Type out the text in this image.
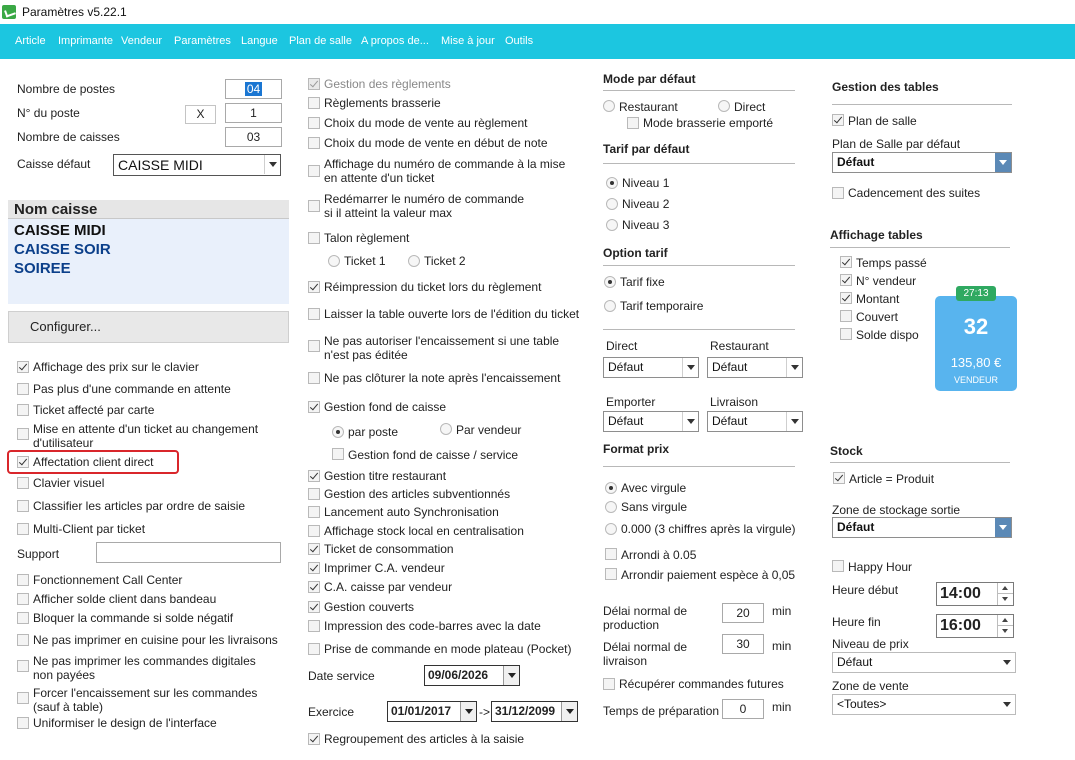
Paramètres v5.22.1
Article Imprimante Vendeur Paramètres Langue Plan de salle A propos de... Mise à jour Outils
Nombre de postes	04
N° du poste	X	1
Nombre de caisses	03
Caisse défaut	CAISSE MIDI
Nom caisse
CAISSE MIDI
CAISSE SOIR
SOIREE
Configurer...
Affichage des prix sur le clavier
Pas plus d'une commande en attente
Ticket affecté par carte
Mise en attente d'un ticket au changement d'utilisateur
Affectation client direct
Clavier visuel
Classifier les articles par ordre de saisie
Multi-Client par ticket
Support
Fonctionnement Call Center
Afficher solde client dans bandeau
Bloquer la commande si solde négatif
Ne pas imprimer en cuisine pour les livraisons
Ne pas imprimer les commandes digitales non payées
Forcer l'encaissement sur les commandes (sauf à table)
Uniformiser le design de l'interface
Gestion des règlements
Règlements brasserie
Choix du mode de vente au règlement
Choix du mode de vente en début de note
Affichage du numéro de commande à la mise en attente d'un ticket
Redémarrer le numéro de commande si il atteint la valeur max
Talon règlement
Ticket 1	Ticket 2
Réimpression du ticket lors du règlement
Laisser la table ouverte lors de l'édition du ticket
Ne pas autoriser l'encaissement si une table n'est pas éditée
Ne pas clôturer la note après l'encaissement
Gestion fond de caisse
par poste	Par vendeur
Gestion fond de caisse / service
Gestion titre restaurant
Gestion des articles subventionnés
Lancement auto Synchronisation
Affichage stock local en centralisation
Ticket de consommation
Imprimer C.A. vendeur
C.A. caisse par vendeur
Gestion couverts
Impression des code-barres avec la date
Prise de commande en mode plateau (Pocket)
Date service	09/06/2026
Exercice	01/01/2017	-> 31/12/2099
Regroupement des articles à la saisie
Mode par défaut
Restaurant	Direct
Mode brasserie emporté
Tarif par défaut
Niveau 1
Niveau 2
Niveau 3
Option tarif
Tarif fixe
Tarif temporaire
Direct
Défaut
Restaurant
Défaut
Emporter
Défaut
Livraison
Défaut
Format prix
Avec virgule
Sans virgule
0.000 (3 chiffres après la virgule)
Arrondi à 0.05
Arrondir paiement espèce à 0,05
Délai normal de production
20	min
Délai normal de livraison
30	min
Récupérer commandes futures
Temps de préparation	0	min
Gestion des tables
Plan de salle
Plan de Salle par défaut
Défaut
Cadencement des suites
Affichage tables
Temps passé
N° vendeur
Montant
Couvert
Solde dispo	32
135,80 €
VENDEUR
27:13
Stock
Article = Produit
Zone de stockage sortie
Défaut
Happy Hour
Heure début	14:00
Heure fin	16:00
Niveau de prix
Défaut
Zone de vente
<Toutes>
